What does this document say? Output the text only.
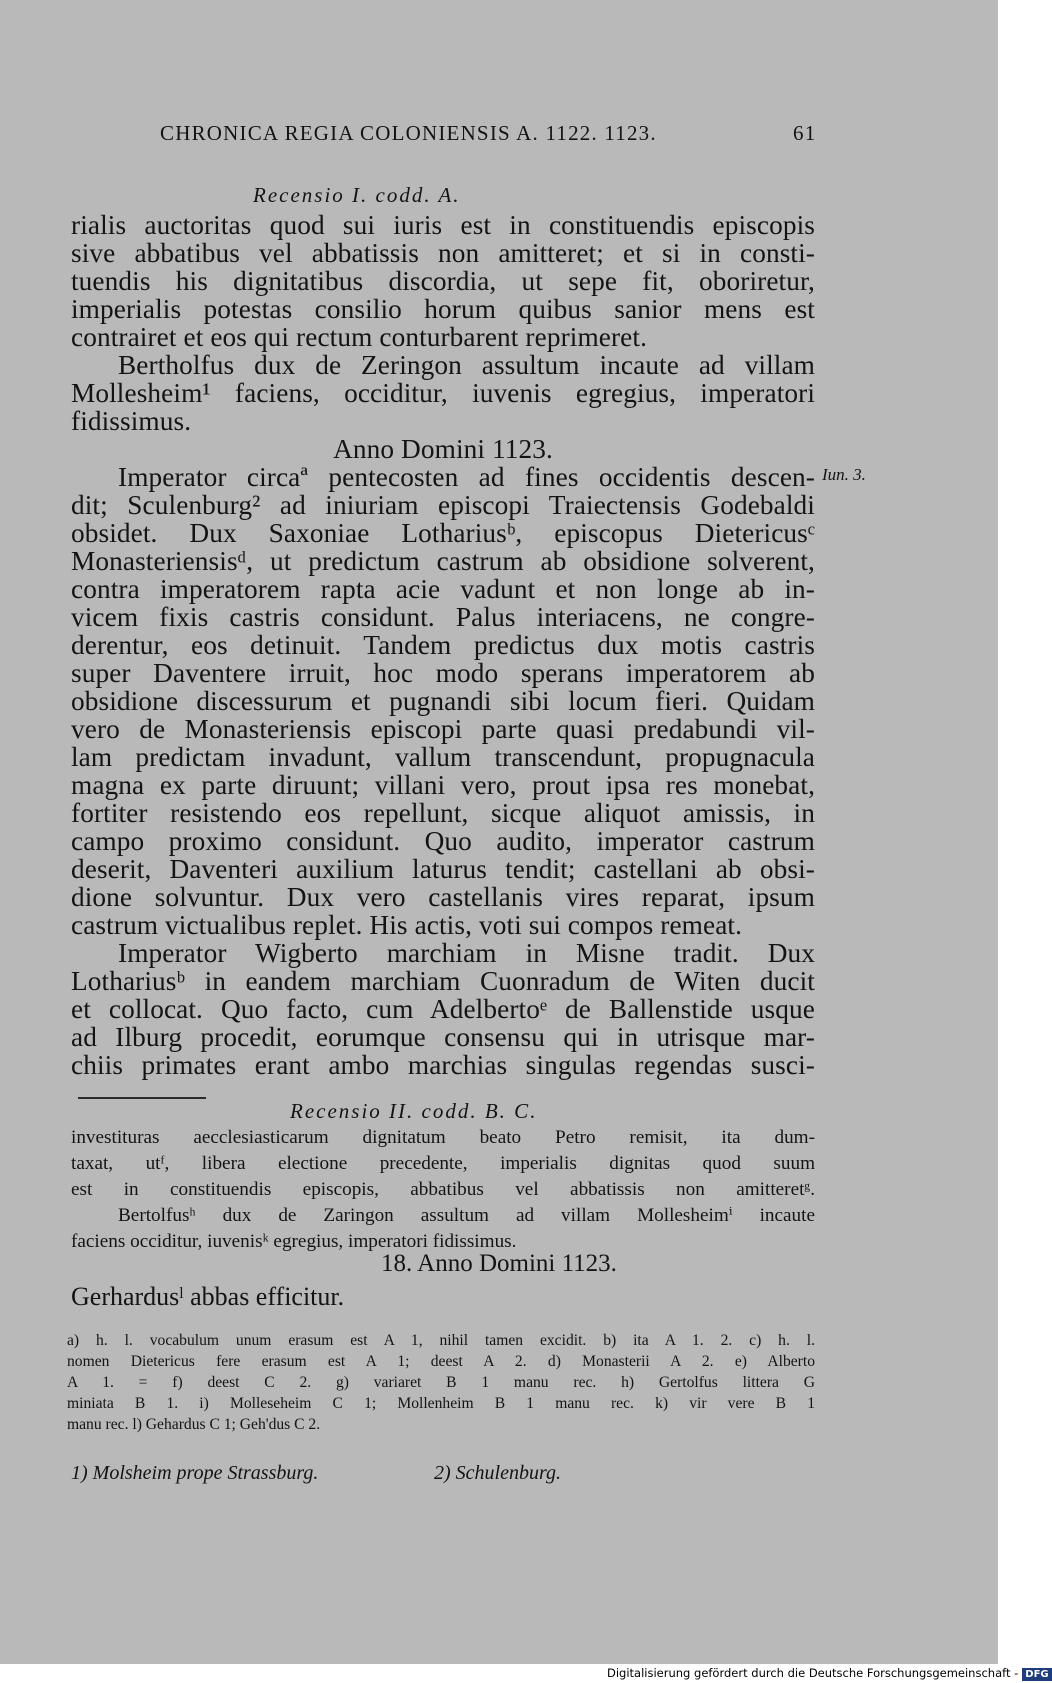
CHRONICA REGIA COLONIENSIS A. 1122. 1123.	61
Recensio I. codd. A.
rialis auctoritas quod sui iuris est in constituendis episcopis
sive abbatibus vel abbatissis non amitteret; et si in consti-
tuendis his dignitatibus discordia, ut sepe fit, oboriretur,
imperialis potestas consilio horum quibus sanior mens est
contrairet et eos qui rectum conturbarent reprimeret.
Bertholfus dux de Zeringon assultum incaute ad villam
Mollesheim¹ faciens, occiditur, iuvenis egregius, imperatori
fidissimus.
Anno Domini 1123.
Imperator circaª pentecosten ad fines occidentis descen-
dit; Sculenburg² ad iniuriam episcopi Traiectensis Godebaldi
obsidet. Dux Saxoniae Lothariusᵇ, episcopus Dietericusᶜ
Monasteriensisᵈ, ut predictum castrum ab obsidione solverent,
contra imperatorem rapta acie vadunt et non longe ab in-
vicem fixis castris considunt. Palus interiacens, ne congre-
derentur, eos detinuit. Tandem predictus dux motis castris
super Daventere irruit, hoc modo sperans imperatorem ab
obsidione discessurum et pugnandi sibi locum fieri. Quidam
vero de Monasteriensis episcopi parte quasi predabundi vil-
lam predictam invadunt, vallum transcendunt, propugnacula
magna ex parte diruunt; villani vero, prout ipsa res monebat,
fortiter resistendo eos repellunt, sicque aliquot amissis, in
campo proximo considunt. Quo audito, imperator castrum
deserit, Daventeri auxilium laturus tendit; castellani ab obsi-
dione solvuntur. Dux vero castellanis vires reparat, ipsum
castrum victualibus replet. His actis, voti sui compos remeat.
Imperator Wigberto marchiam in Misne tradit. Dux
Lothariusᵇ in eandem marchiam Cuonradum de Witen ducit
et collocat. Quo facto, cum Adelbertoᵉ de Ballenstide usque
ad Ilburg procedit, eorumque consensu qui in utrisque mar-
chiis primates erant ambo marchias singulas regendas susci-
Iun. 3.
Recensio II. codd. B. C.
investituras aecclesiasticarum dignitatum beato Petro remisit, ita dum-
taxat, utᶠ, libera electione precedente, imperialis dignitas quod suum
est in constituendis episcopis, abbatibus vel abbatissis non amitteretᵍ.
Bertolfusʰ dux de Zaringon assultum ad villam Mollesheimⁱ incaute
faciens occiditur, iuvenisᵏ egregius, imperatori fidissimus.
18. Anno Domini 1123.
Gerhardusˡ abbas efficitur.
a) h. l. vocabulum unum erasum est A 1, nihil tamen excidit. b) ita A 1. 2. c) h. l.
nomen Dietericus fere erasum est A 1; deest A 2. d) Monasterii A 2. e) Alberto
A 1. = f) deest C 2. g) variaret B 1 manu rec. h) Gertolfus littera G
miniata B 1. i) Molleseheim C 1; Mollenheim B 1 manu rec. k) vir vere B 1
manu rec. l) Gehardus C 1; Geh'dus C 2.
1) Molsheim prope Strassburg.	2) Schulenburg.
Digitalisierung gefördert durch die Deutsche Forschungsgemeinschaft - DFG
